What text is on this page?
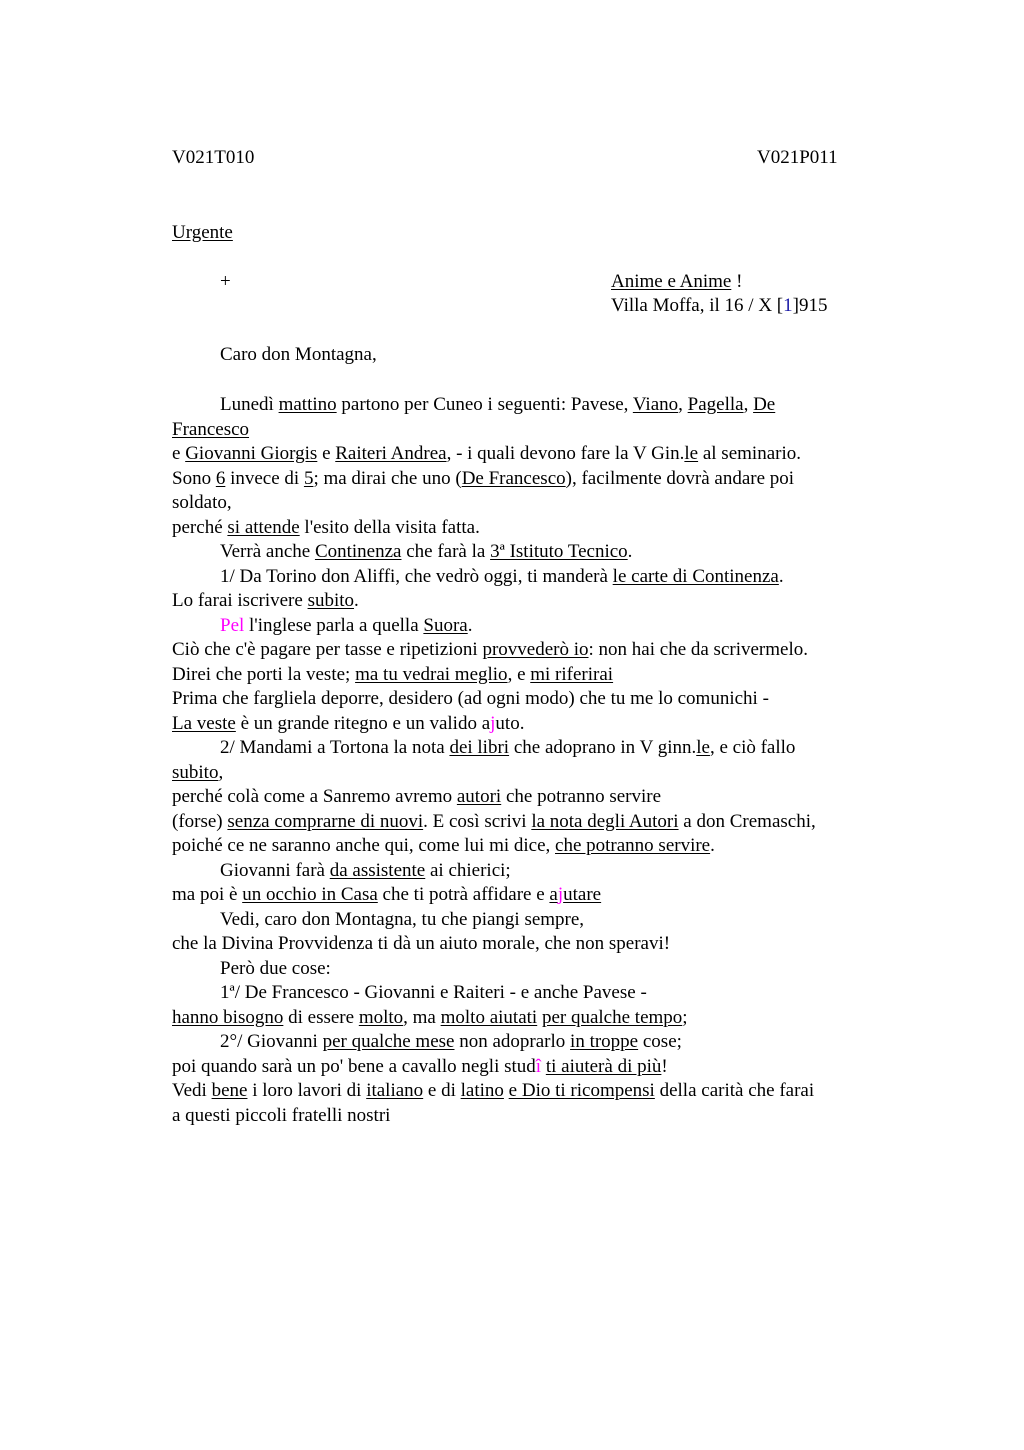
V021T010	V021P011
Urgente
+	Anime e Anime !
Villa Moffa, il 16 / X [1]915
Caro don Montagna,
Lunedì mattino partono per Cuneo i seguenti: Pavese, Viano, Pagella, De
Francesco
e Giovanni Giorgis e Raiteri Andrea, - i quali devono fare la V Gin.le al seminario.
Sono 6 invece di 5; ma dirai che uno (De Francesco), facilmente dovrà andare poi
soldato,
perché si attende l'esito della visita fatta.
Verrà anche Continenza che farà la 3ª Istituto Tecnico.
1/ Da Torino don Aliffi, che vedrò oggi, ti manderà le carte di Continenza.
Lo farai iscrivere subito.
Pel l'inglese parla a quella Suora.
Ciò che c'è pagare per tasse e ripetizioni provvederò io: non hai che da scrivermelo.
Direi che porti la veste; ma tu vedrai meglio, e mi riferirai
Prima che fargliela deporre, desidero (ad ogni modo) che tu me lo comunichi -
La veste è un grande ritegno e un valido ajuto.
2/ Mandami a Tortona la nota dei libri che adoprano in V ginn.le, e ciò fallo
subito,
perché colà come a Sanremo avremo autori che potranno servire
(forse) senza comprarne di nuovi. E così scrivi la nota degli Autori a don Cremaschi,
poiché ce ne saranno anche qui, come lui mi dice, che potranno servire.
Giovanni farà da assistente ai chierici;
ma poi è un occhio in Casa che ti potrà affidare e ajutare
Vedi, caro don Montagna, tu che piangi sempre,
che la Divina Provvidenza ti dà un aiuto morale, che non speravi!
Però due cose:
1ª/ De Francesco - Giovanni e Raiteri - e anche Pavese -
hanno bisogno di essere molto, ma molto aiutati per qualche tempo;
2°/ Giovanni per qualche mese non adoprarlo in troppe cose;
poi quando sarà un po' bene a cavallo negli studî ti aiuterà di più!
Vedi bene i loro lavori di italiano e di latino e Dio ti ricompensi della carità che farai
a questi piccoli fratelli nostri
